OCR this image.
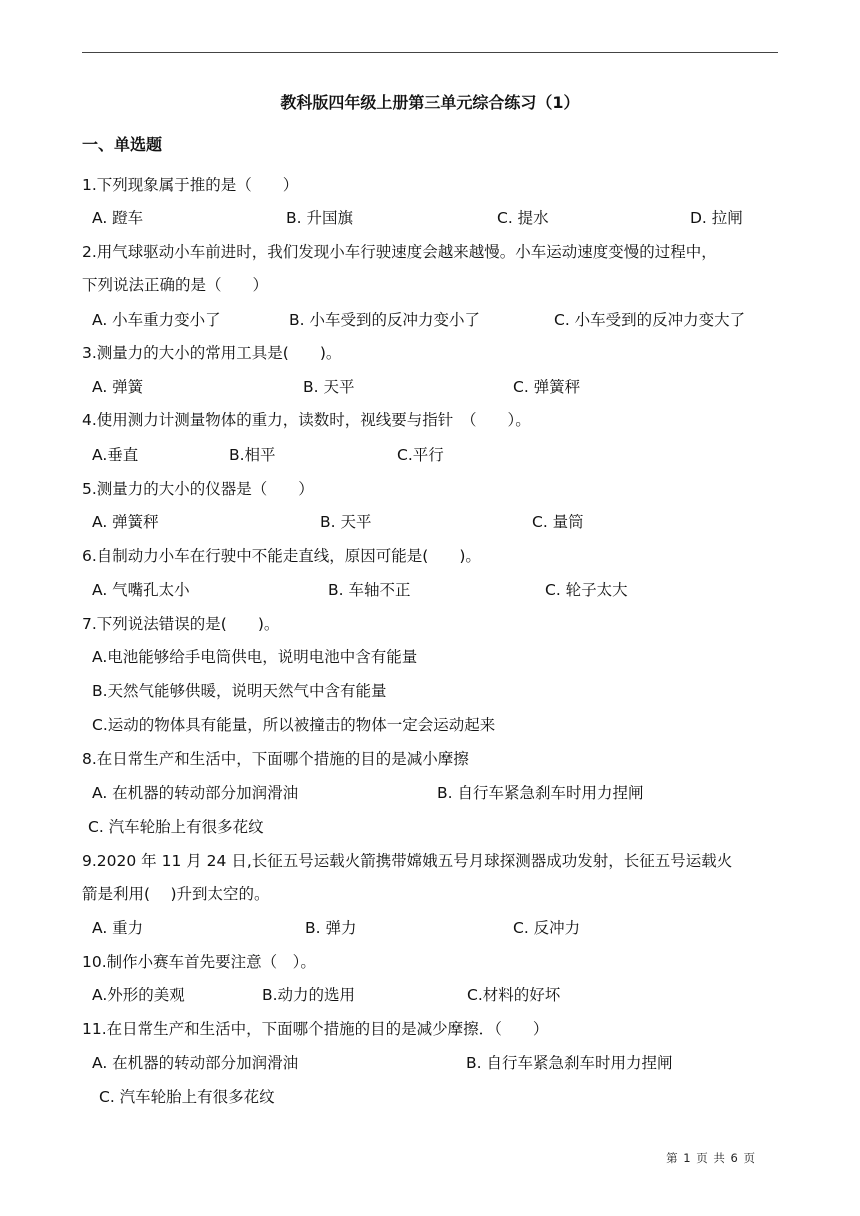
教科版四年级上册第三单元综合练习（1）
一、单选题
1.下列现象属于推的是（　　）
A. 蹬车	B. 升国旗	C. 提水	D. 拉闸
2.用气球驱动小车前进时，我们发现小车行驶速度会越来越慢。小车运动速度变慢的过程中，
下列说法正确的是（　　）
A. 小车重力变小了	B. 小车受到的反冲力变小了	C. 小车受到的反冲力变大了
3.测量力的大小的常用工具是(　　)。
A. 弹簧	B. 天平	C. 弹簧秤
4.使用测力计测量物体的重力，读数时，视线要与指针　（　　）。
A.垂直	B.相平	C.平行
5.测量力的大小的仪器是（　　）
A. 弹簧秤	B. 天平	C. 量筒
6.自制动力小车在行驶中不能走直线，原因可能是(　　)。
A. 气嘴孔太小	B. 车轴不正	C. 轮子太大
7.下列说法错误的是(　　)。
A.电池能够给手电筒供电，说明电池中含有能量
B.天然气能够供暖，说明天然气中含有能量
C.运动的物体具有能量，所以被撞击的物体一定会运动起来
8.在日常生产和生活中，下面哪个措施的目的是减小摩擦
A. 在机器的转动部分加润滑油	B. 自行车紧急刹车时用力捏闸
C. 汽车轮胎上有很多花纹
9.2020 年 11 月 24 日,长征五号运载火箭携带嫦娥五号月球探测器成功发射，长征五号运载火
箭是利用(　 )升到太空的。
A. 重力	B. 弹力	C. 反冲力
10.制作小赛车首先要注意（　）。
A.外形的美观	B.动力的选用	C.材料的好坏
11.在日常生产和生活中，下面哪个措施的目的是减少摩擦．（　　）
A. 在机器的转动部分加润滑油	B. 自行车紧急刹车时用力捏闸
C. 汽车轮胎上有很多花纹
第 1 页 共 6 页
